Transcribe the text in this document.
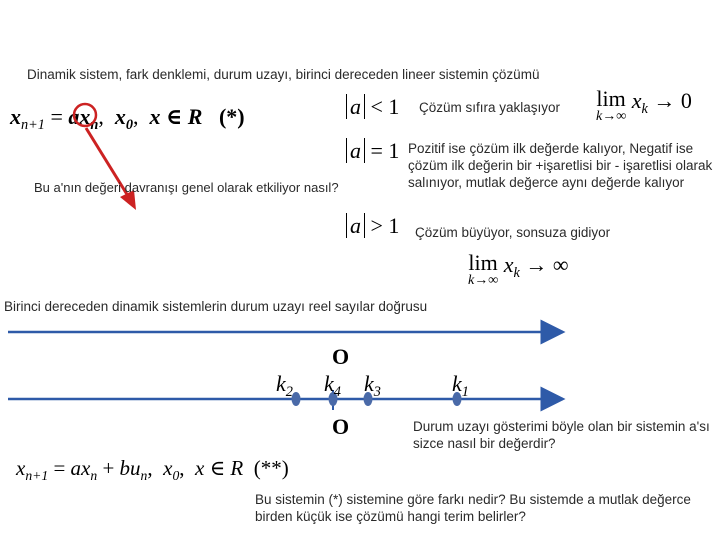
Dinamik sistem, fark denklemi, durum uzayı, birinci dereceden lineer sistemin çözümü
$x_{n+1} = ax_n$, $x_0$, x ∈ R (*)
Bu a'nın değeri davranışı genel olarak etkiliyor nasıl?
a < 1
a = 1
a > 1
Çözüm sıfıra yaklaşıyor lim
k→∞
$x_k \to 0$
Pozitif ise çözüm ilk değerde kalıyor, Negatif ise çözüm ilk değerin bir +işaretlisi bir - işaretlisi olarak salınıyor, mutlak değerce aynı değerde kalıyor
Çözüm büyüyor, sonsuza gidiyor
lim
k→∞
$x_k$ → ∞
Birinci dereceden dinamik sistemlerin durum uzayı reel sayılar doğrusu
O
O
$k_2$ $k_4$ $k_3$	$k_1$
Durum uzayı gösterimi böyle olan bir sistemin a'sı sizce nasıl bir değerdir?
$x_{n+1} = ax_n + bu_n$, $x_0$, x ∈ R (**)
Bu sistemin (*) sistemine göre farkı nedir? Bu sistemde a mutlak değerce birden küçük ise çözümü hangi terim belirler?
